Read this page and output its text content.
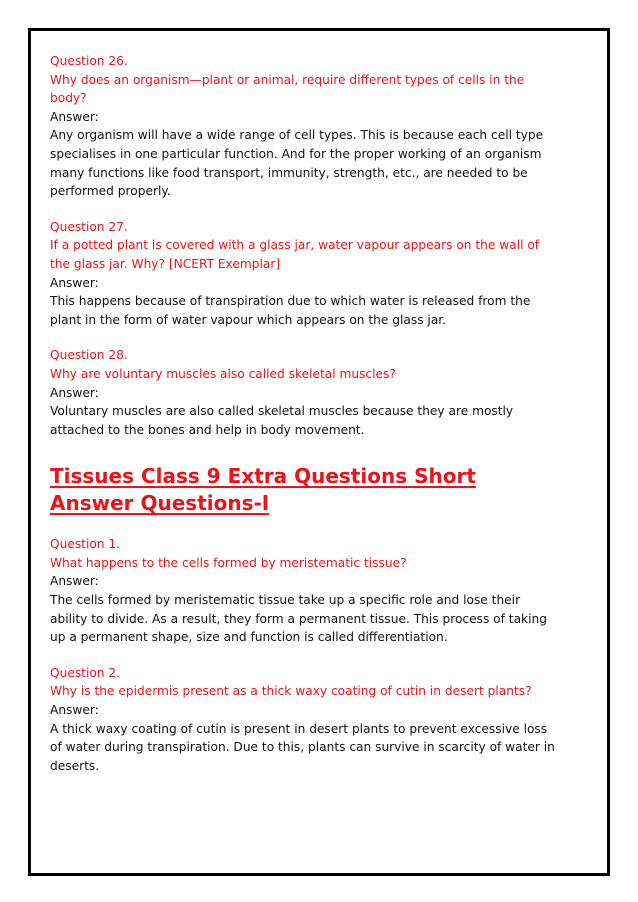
Question 26.
Why does an organism—plant or animal, require different types of cells in the body?
Answer:
Any organism will have a wide range of cell types. This is because each cell type specialises in one particular function. And for the proper working of an organism many functions like food transport, immunity, strength, etc., are needed to be performed properly.
Question 27.
If a potted plant is covered with a glass jar, water vapour appears on the wall of the glass jar. Why? [NCERT Exemplar]
Answer:
This happens because of transpiration due to which water is released from the plant in the form of water vapour which appears on the glass jar.
Question 28.
Why are voluntary muscles also called skeletal muscles?
Answer:
Voluntary muscles are also called skeletal muscles because they are mostly attached to the bones and help in body movement.
Tissues Class 9 Extra Questions Short Answer Questions-I
Question 1.
What happens to the cells formed by meristematic tissue?
Answer:
The cells formed by meristematic tissue take up a specific role and lose their ability to divide. As a result, they form a permanent tissue. This process of taking up a permanent shape, size and function is called differentiation.
Question 2.
Why is the epidermis present as a thick waxy coating of cutin in desert plants?
Answer:
A thick waxy coating of cutin is present in desert plants to prevent excessive loss of water during transpiration. Due to this, plants can survive in scarcity of water in deserts.
